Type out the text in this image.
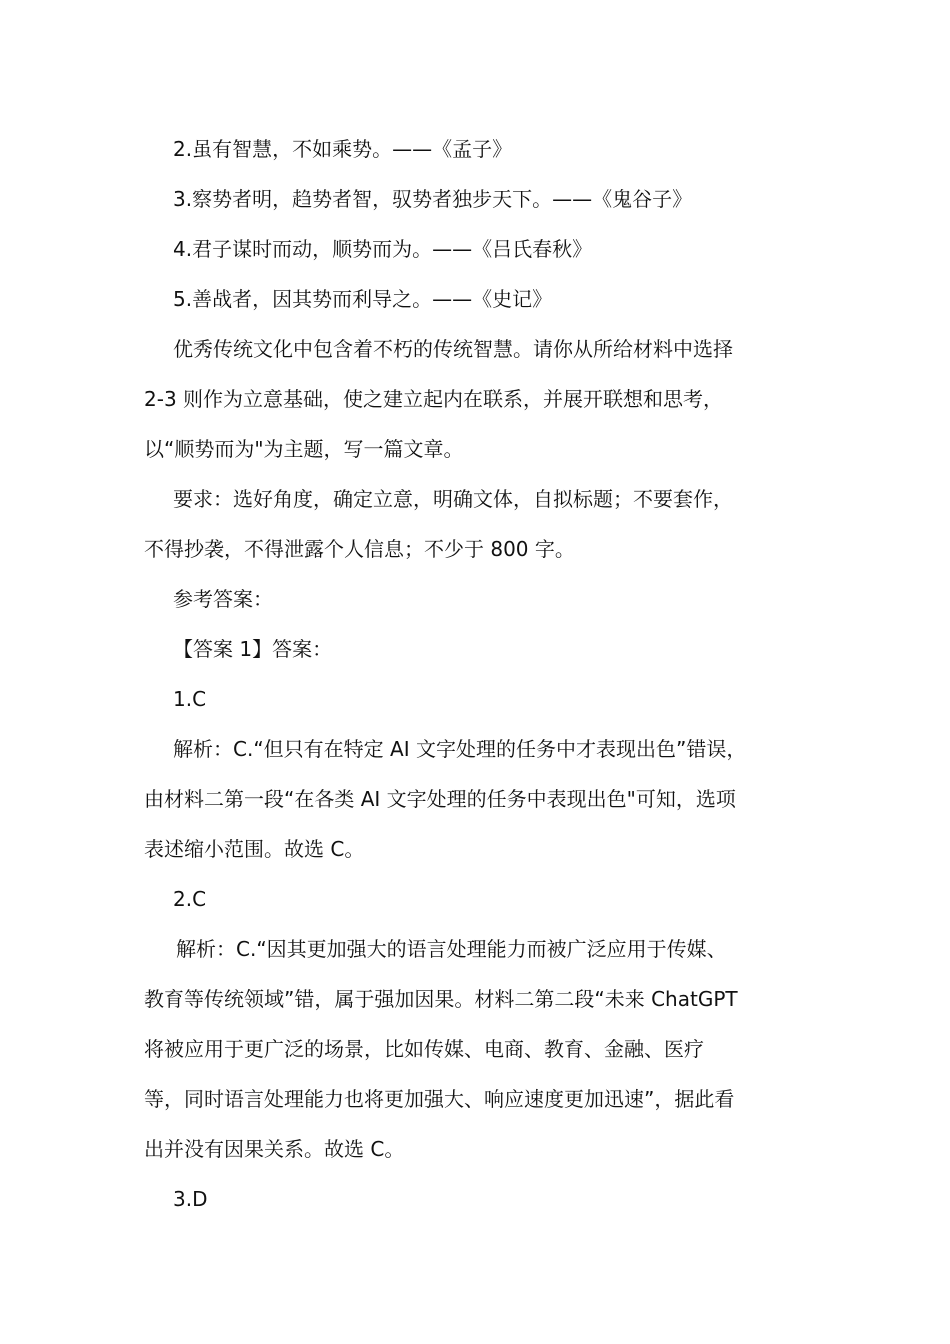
2.虽有智慧，不如乘势。——《孟子》
3.察势者明，趋势者智，驭势者独步天下。——《鬼谷子》
4.君子谋时而动，顺势而为。——《吕氏春秋》
5.善战者，因其势而利导之。——《史记》
优秀传统文化中包含着不朽的传统智慧。请你从所给材料中选择
2-3 则作为立意基础，使之建立起内在联系，并展开联想和思考，
以“顺势而为"为主题，写一篇文章。
要求：选好角度，确定立意，明确文体，自拟标题；不要套作，
不得抄袭，不得泄露个人信息；不少于 800 字。
参考答案：
【答案 1】答案：
1.C
解析：C.“但只有在特定 AI 文字处理的任务中才表现出色”错误，
由材料二第一段“在各类 AI 文字处理的任务中表现出色"可知，选项
表述缩小范围。故选 C。
2.C
解析：C.“因其更加强大的语言处理能力而被广泛应用于传媒、
教育等传统领域”错，属于强加因果。材料二第二段“未来 ChatGPT
将被应用于更广泛的场景，比如传媒、电商、教育、金融、医疗
等，同时语言处理能力也将更加强大、响应速度更加迅速”，据此看
出并没有因果关系。故选 C。
3.D
